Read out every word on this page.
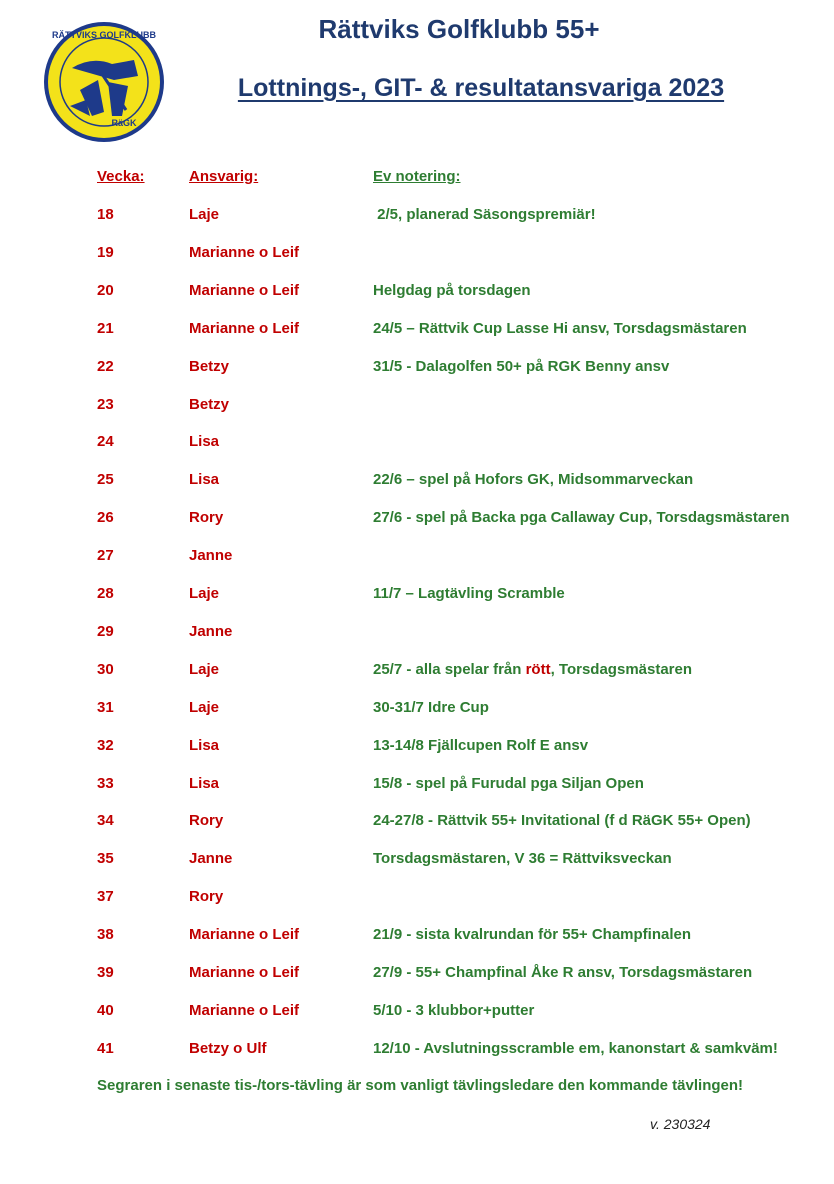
RÄTTVIKS GOLFKLUBB
RäGK
Rättviks Golfklubb 55+
Lottnings-, GIT- & resultatansvariga 2023
Vecka:	Ansvarig:	Ev notering:
18	Laje	2/5, planerad Säsongspremiär!
19	Marianne o Leif
20	Marianne o Leif	Helgdag på torsdagen
21	Marianne o Leif	24/5 – Rättvik Cup Lasse Hi ansv, Torsdagsmästaren
22	Betzy	31/5 - Dalagolfen 50+ på RGK Benny ansv
23	Betzy
24	Lisa
25	Lisa	22/6 – spel på Hofors GK, Midsommarveckan
26	Rory	27/6 - spel på Backa pga Callaway Cup, Torsdagsmästaren
27	Janne
28	Laje	11/7 – Lagtävling Scramble
29	Janne
30	Laje	25/7 - alla spelar från rött, Torsdagsmästaren
31	Laje	30-31/7 Idre Cup
32	Lisa	13-14/8 Fjällcupen Rolf E ansv
33	Lisa	15/8 - spel på Furudal pga Siljan Open
34	Rory	24-27/8 - Rättvik 55+ Invitational (f d RäGK 55+ Open)
35	Janne	Torsdagsmästaren, V 36 = Rättviksveckan
37	Rory
38	Marianne o Leif	21/9 - sista kvalrundan för 55+ Champfinalen
39	Marianne o Leif	27/9 - 55+ Champfinal Åke R ansv, Torsdagsmästaren
40	Marianne o Leif	5/10 - 3 klubbor+putter
41	Betzy o Ulf	12/10 - Avslutningsscramble em, kanonstart & samkväm!
Segraren i senaste tis-/tors-tävling är som vanligt tävlingsledare den kommande tävlingen!
v. 230324
